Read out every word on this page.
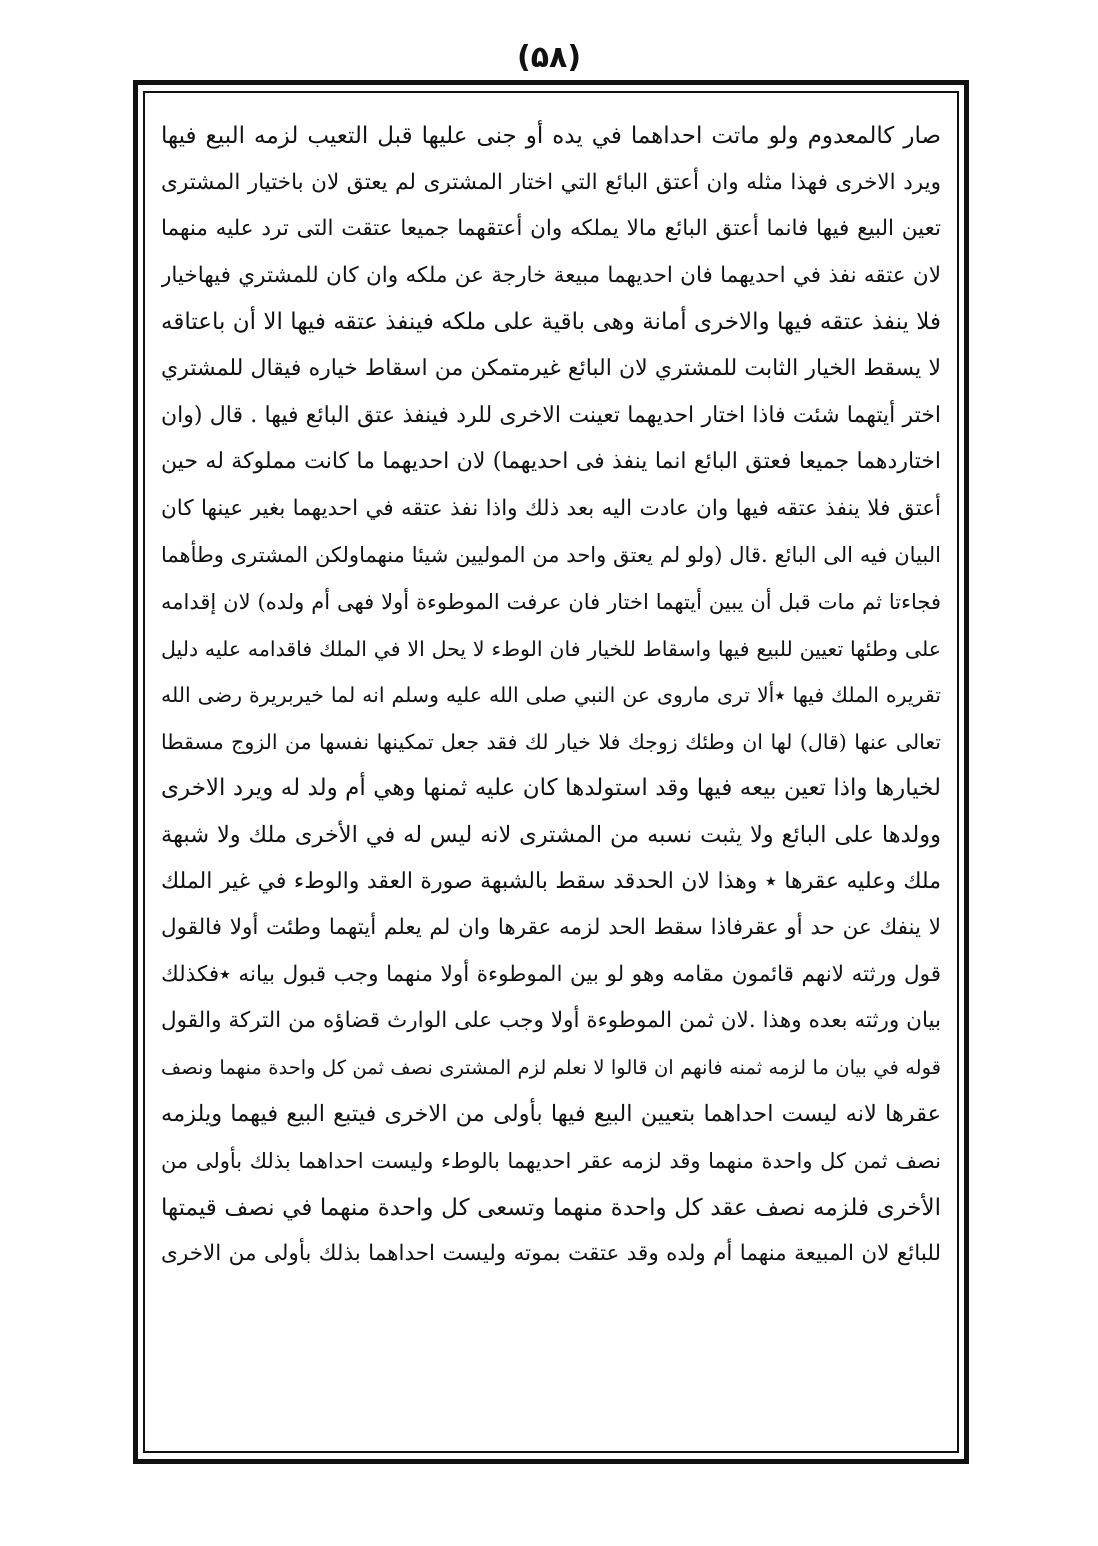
(۵۸)
صار كالمعدوم ولو ماتت احداهما في يده أو جنى عليها قبل التعيب لزمه البيع فيها
ويرد الاخرى فهذا مثله وان أعتق البائع التي اختار المشترى لم يعتق لان باختيار المشترى
تعين البيع فيها فانما أعتق البائع مالا يملكه وان أعتقهما جميعا عتقت التى ترد عليه منهما
لان عتقه نفذ في احديهما فان احديهما مبيعة خارجة عن ملكه وان كان للمشتري فيهاخيار
فلا ينفذ عتقه فيها والاخرى أمانة وهى باقية على ملكه فينفذ عتقه فيها الا أن باعتاقه
لا يسقط الخيار الثابت للمشتري لان البائع غيرمتمكن من اسقاط خياره فيقال للمشتري
اختر أيتهما شئت فاذا اختار احديهما تعينت الاخرى للرد فينفذ عتق البائع فيها . قال (وان
اختاردهما جميعا فعتق البائع انما ينفذ فى احديهما) لان احديهما ما كانت مملوكة له حين
أعتق فلا ينفذ عتقه فيها وان عادت اليه بعد ذلك واذا نفذ عتقه في احديهما بغير عينها كان
البيان فيه الى البائع .قال (ولو لم يعتق واحد من الموليين شيئا منهماولكن المشترى وطأهما
فجاءتا ثم مات قبل أن يبين أيتهما اختار فان عرفت الموطوءة أولا فهى أم ولده) لان إقدامه
على وطئها تعيين للبيع فيها واسقاط للخيار فان الوطء لا يحل الا في الملك فاقدامه عليه دليل
تقريره الملك فيها ٭ألا ترى ماروى عن النبي صلى الله عليه وسلم انه لما خيربريرة رضى الله
تعالى عنها (قال) لها ان وطئك زوجك فلا خيار لك فقد جعل تمكينها نفسها من الزوج مسقطا
لخيارها واذا تعين بيعه فيها وقد استولدها كان عليه ثمنها وهي أم ولد له ويرد الاخرى
وولدها على البائع ولا يثبت نسبه من المشترى لانه ليس له في الأخرى ملك ولا شبهة
ملك وعليه عقرها ٭ وهذا لان الحدقد سقط بالشبهة صورة العقد والوطء في غير الملك
لا ينفك عن حد أو عقرفاذا سقط الحد لزمه عقرها وان لم يعلم أيتهما وطئت أولا فالقول
قول ورثته لانهم قائمون مقامه وهو لو بين الموطوءة أولا منهما وجب قبول بيانه ٭فكذلك
بيان ورثته بعده وهذا .لان ثمن الموطوءة أولا وجب على الوارث قضاؤه من التركة والقول
قوله في بيان ما لزمه ثمنه فانهم ان قالوا لا نعلم لزم المشترى نصف ثمن كل واحدة منهما ونصف
عقرها لانه ليست احداهما بتعيين البيع فيها بأولى من الاخرى فيتبع البيع فيهما ويلزمه
نصف ثمن كل واحدة منهما وقد لزمه عقر احديهما بالوطء وليست احداهما بذلك بأولى من
الأخرى فلزمه نصف عقد كل واحدة منهما وتسعى كل واحدة منهما في نصف قيمتها
للبائع لان المبيعة منهما أم ولده وقد عتقت بموته وليست احداهما بذلك بأولى من الاخرى
